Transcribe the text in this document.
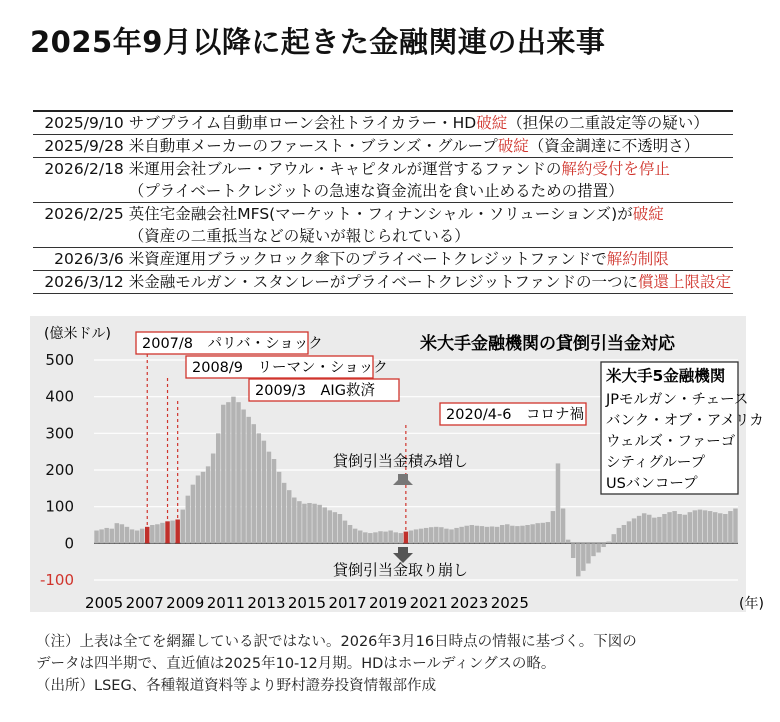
2025年9月以降に起きた金融関連の出来事
2025/9/10	サブプライム自動車ローン会社トライカラー・HD破綻（担保の二重設定等の疑い）
2025/9/28	米自動車メーカーのファースト・ブランズ・グループ破綻（資金調達に不透明さ）
2026/2/18	米運用会社ブルー・アウル・キャピタルが運営するファンドの解約受付を停止
	（プライベートクレジットの急速な資金流出を食い止めるための措置）
2026/2/25	英住宅金融会社MFS(マーケット・フィナンシャル・ソリューションズ)が破綻
	（資産の二重抵当などの疑いが報じられている）
2026/3/6	米資産運用ブラックロック傘下のプライベートクレジットファンドで解約制限
2026/3/12	米金融モルガン・スタンレーがプライベートクレジットファンドの一つに償還上限設定
-100
0
100
200
300
400
500
(億米ドル)
2005 2007 2009 2011 2013 2015 2017 2019 2021 2023 2025	(年)
2007/8　パリバ・ショック
2008/9　リーマン・ショック
2009/3　AIG救済
2020/4-6　コロナ禍
米大手金融機関の貸倒引当金対応
貸倒引当金積み増し
貸倒引当金取り崩し
米大手5金融機関
JPモルガン・チェース
バンク・オブ・アメリカ
ウェルズ・ファーゴ
シティグループ
USバンコープ
（注）上表は全てを網羅している訳ではない。2026年3月16日時点の情報に基づく。下図の
データは四半期で、直近値は2025年10-12月期。HDはホールディングスの略。
（出所）LSEG、各種報道資料等より野村證券投資情報部作成
